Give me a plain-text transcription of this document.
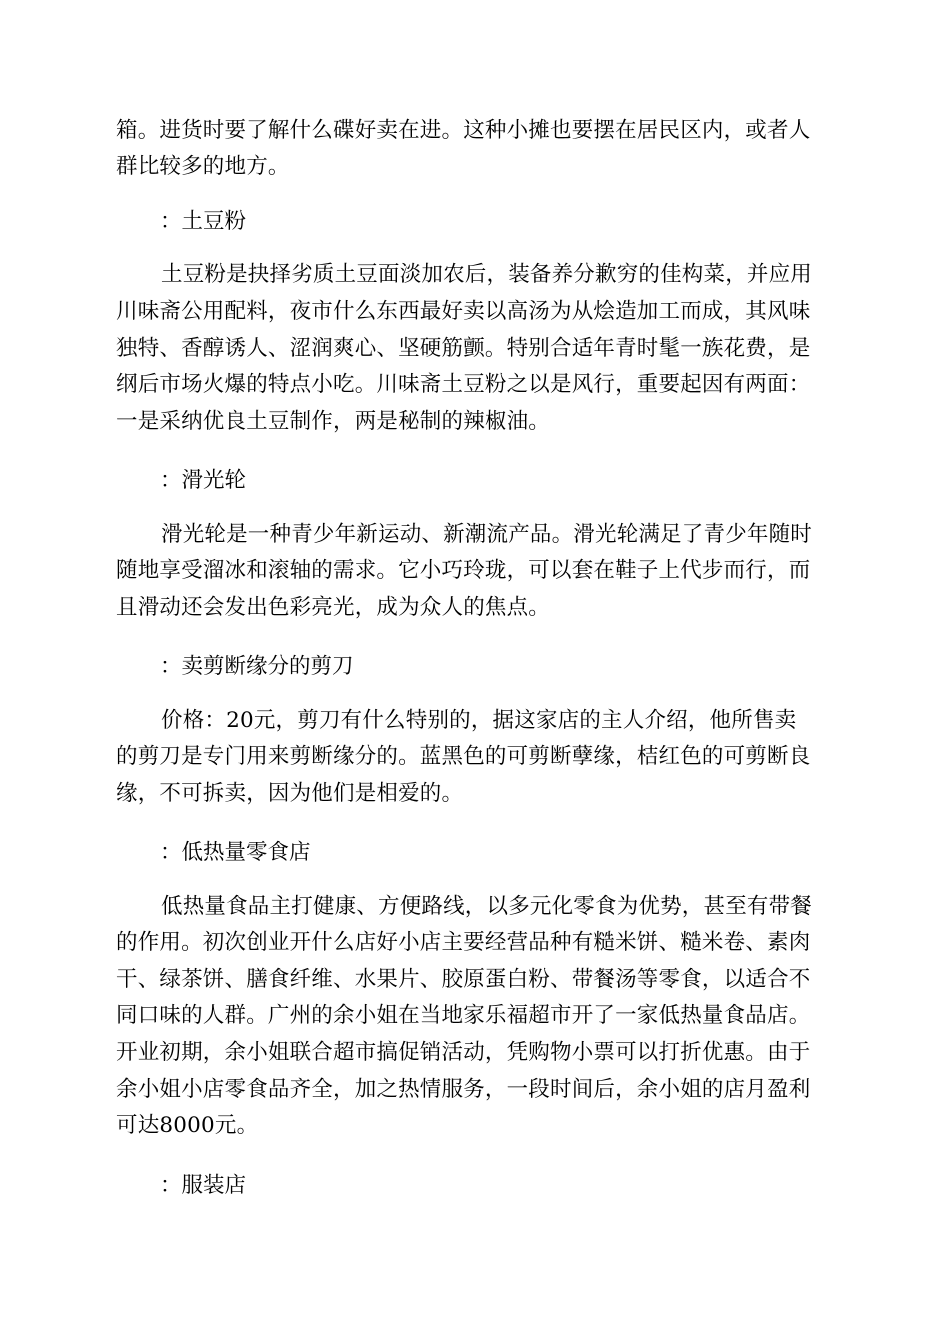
箱。进货时要了解什么碟好卖在进。这种小摊也要摆在居民区内，或者人
群比较多的地方。
：土豆粉
土豆粉是抉择劣质土豆面淡加农后，装备养分歉穷的佳构菜，并应用
川味斋公用配料，夜市什么东西最好卖以高汤为从烩造加工而成，其风味
独特、香醇诱人、涩润爽心、坚硬筋颤。特别合适年青时髦一族花费，是
纲后市场火爆的特点小吃。川味斋土豆粉之以是风行，重要起因有两面：
一是采纳优良土豆制作，两是秘制的辣椒油。
：滑光轮
滑光轮是一种青少年新运动、新潮流产品。滑光轮满足了青少年随时
随地享受溜冰和滚轴的需求。它小巧玲珑，可以套在鞋子上代步而行，而
且滑动还会发出色彩亮光，成为众人的焦点。
：卖剪断缘分的剪刀
价格：20元，剪刀有什么特别的，据这家店的主人介绍，他所售卖
的剪刀是专门用来剪断缘分的。蓝黑色的可剪断孽缘，桔红色的可剪断良
缘，不可拆卖，因为他们是相爱的。
：低热量零食店
低热量食品主打健康、方便路线，以多元化零食为优势，甚至有带餐
的作用。初次创业开什么店好小店主要经营品种有糙米饼、糙米卷、素肉
干、绿茶饼、膳食纤维、水果片、胶原蛋白粉、带餐汤等零食，以适合不
同口味的人群。广州的余小姐在当地家乐福超市开了一家低热量食品店。
开业初期，余小姐联合超市搞促销活动，凭购物小票可以打折优惠。由于
余小姐小店零食品齐全，加之热情服务，一段时间后，余小姐的店月盈利
可达8000元。
：服装店
